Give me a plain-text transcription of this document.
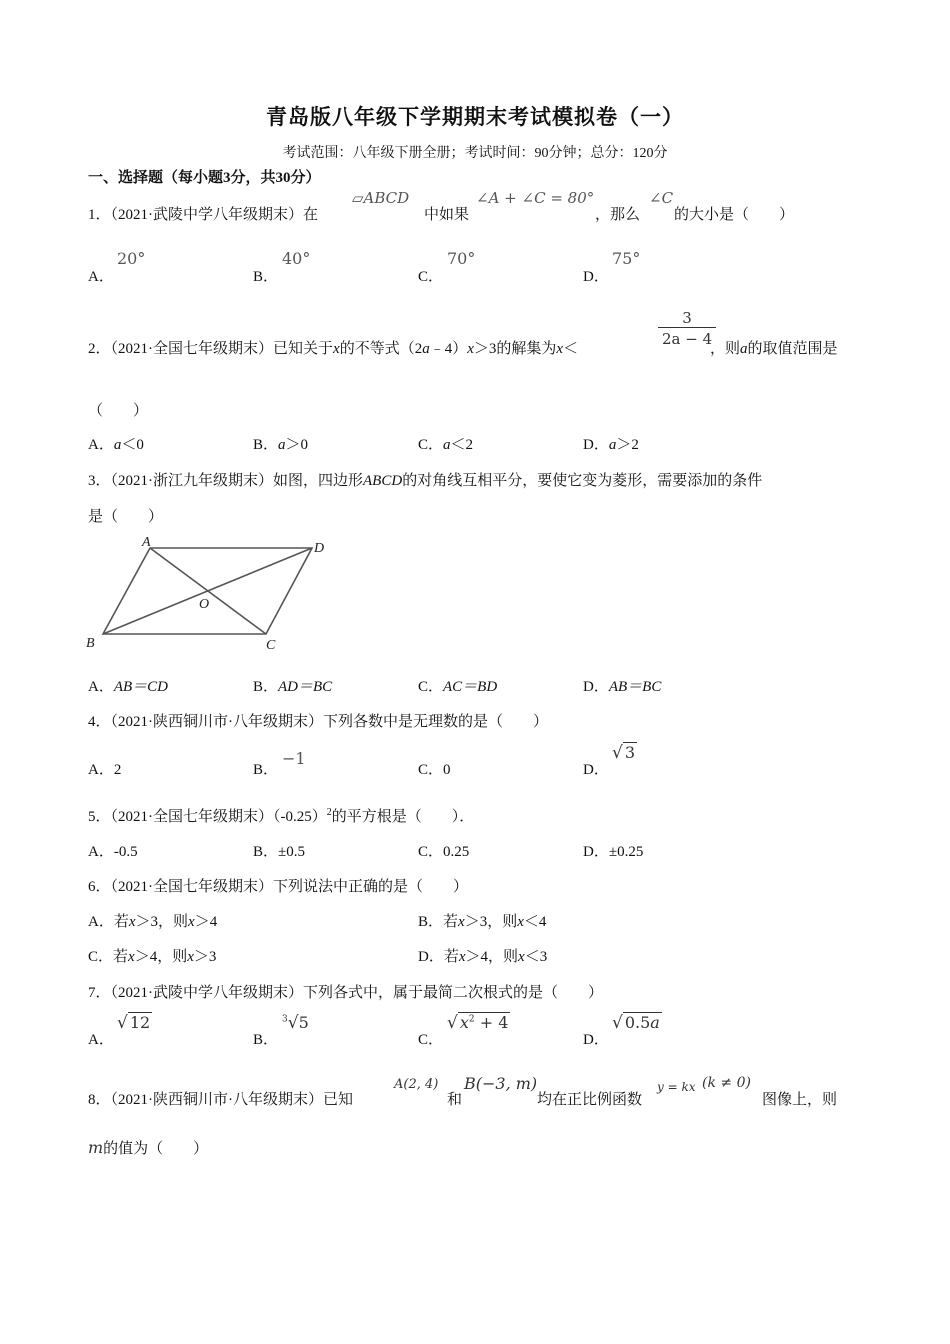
青岛版八年级下学期期末考试模拟卷（一）
考试范围：八年级下册全册；考试时间：90分钟；总分：120分
一、选择题（每小题3分，共30分）
1．（2021·武陵中学八年级期末）在
▱ABCD
中如果
∠A + ∠C = 80°
，那么
∠C
的大小是（　　）
A．
20°
B．
40°
C．
70°
D．
75°
2．（2021·全国七年级期末）已知关于x的不等式（2a﹣4）x＞3的解集为x＜
$\frac{3}{2a - 4}$
，则a的取值范围是
（　　）
A．a＜0	B．a＞0	C．a＜2	D．a＞2
3．（2021·浙江九年级期末）如图，四边形ABCD的对角线互相平分，要使它变为菱形，需要添加的条件
是（　　）
A	D
B	C
O
A．AB＝CD	B．AD＝BC	C．AC＝BD	D．AB＝BC
4．（2021·陕西铜川市·八年级期末）下列各数中是无理数的是（　　）
A．2	B．
−1
C．0	D．
√ 3
5．（2021·全国七年级期末）$(-0.25)^2$的平方根是（　　）．
A．-0.5	B．±0.5	C．0.25	D．±0.25
6．（2021·全国七年级期末）下列说法中正确的是（　　）
A．若x＞3，则x＞4	B．若x＞3，则x＜4
C．若x＞4，则x＞3	D．若x＞4，则x＜3
7．（2021·武陵中学八年级期末）下列各式中，属于最简二次根式的是（　　）
A．
√ 12
B．
$^3$√5
C．
√ $x^2 + 4$
D．
√ 0.5a
8．（2021·陕西铜川市·八年级期末）已知
A(2, 4)
和
B(−3, m)
均在正比例函数
y = kx (k ≠ 0)
图像上，则
m的值为（　　）
